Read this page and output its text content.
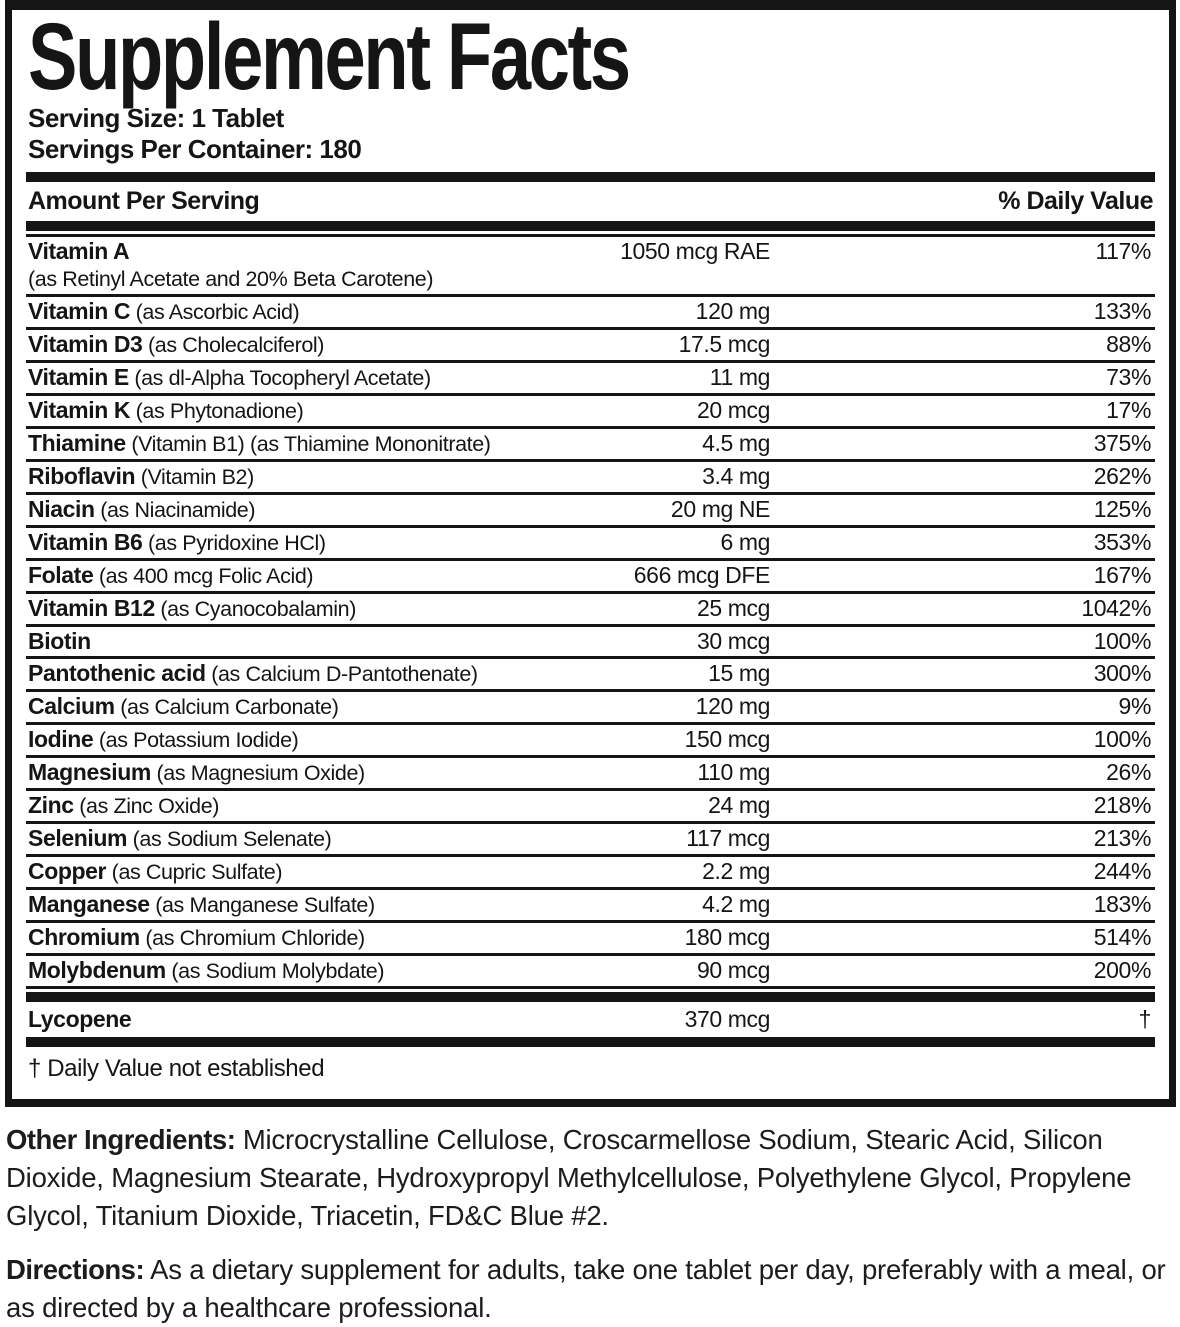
Supplement Facts
Serving Size: 1 Tablet
Servings Per Container: 180
Amount Per Serving	% Daily Value
Vitamin A	1050 mcg RAE	117%
(as Retinyl Acetate and 20% Beta Carotene)
Vitamin C (as Ascorbic Acid)	120 mg	133%
Vitamin D3 (as Cholecalciferol)	17.5 mcg	88%
Vitamin E (as dl-Alpha Tocopheryl Acetate)	11 mg	73%
Vitamin K (as Phytonadione)	20 mcg	17%
Thiamine (Vitamin B1) (as Thiamine Mononitrate)	4.5 mg	375%
Riboflavin (Vitamin B2)	3.4 mg	262%
Niacin (as Niacinamide)	20 mg NE	125%
Vitamin B6 (as Pyridoxine HCl)	6 mg	353%
Folate (as 400 mcg Folic Acid)	666 mcg DFE	167%
Vitamin B12 (as Cyanocobalamin)	25 mcg	1042%
Biotin	30 mcg	100%
Pantothenic acid (as Calcium D-Pantothenate)	15 mg	300%
Calcium (as Calcium Carbonate)	120 mg	9%
Iodine (as Potassium Iodide)	150 mcg	100%
Magnesium (as Magnesium Oxide)	110 mg	26%
Zinc (as Zinc Oxide)	24 mg	218%
Selenium (as Sodium Selenate)	117 mcg	213%
Copper (as Cupric Sulfate)	2.2 mg	244%
Manganese (as Manganese Sulfate)	4.2 mg	183%
Chromium (as Chromium Chloride)	180 mcg	514%
Molybdenum (as Sodium Molybdate)	90 mcg	200%
Lycopene	370 mcg	†
† Daily Value not established

Other Ingredients: Microcrystalline Cellulose, Croscarmellose Sodium, Stearic Acid, Silicon Dioxide, Magnesium Stearate, Hydroxypropyl Methylcellulose, Polyethylene Glycol, Propylene Glycol, Titanium Dioxide, Triacetin, FD&C Blue #2.

Directions: As a dietary supplement for adults, take one tablet per day, preferably with a meal, or as directed by a healthcare professional.
